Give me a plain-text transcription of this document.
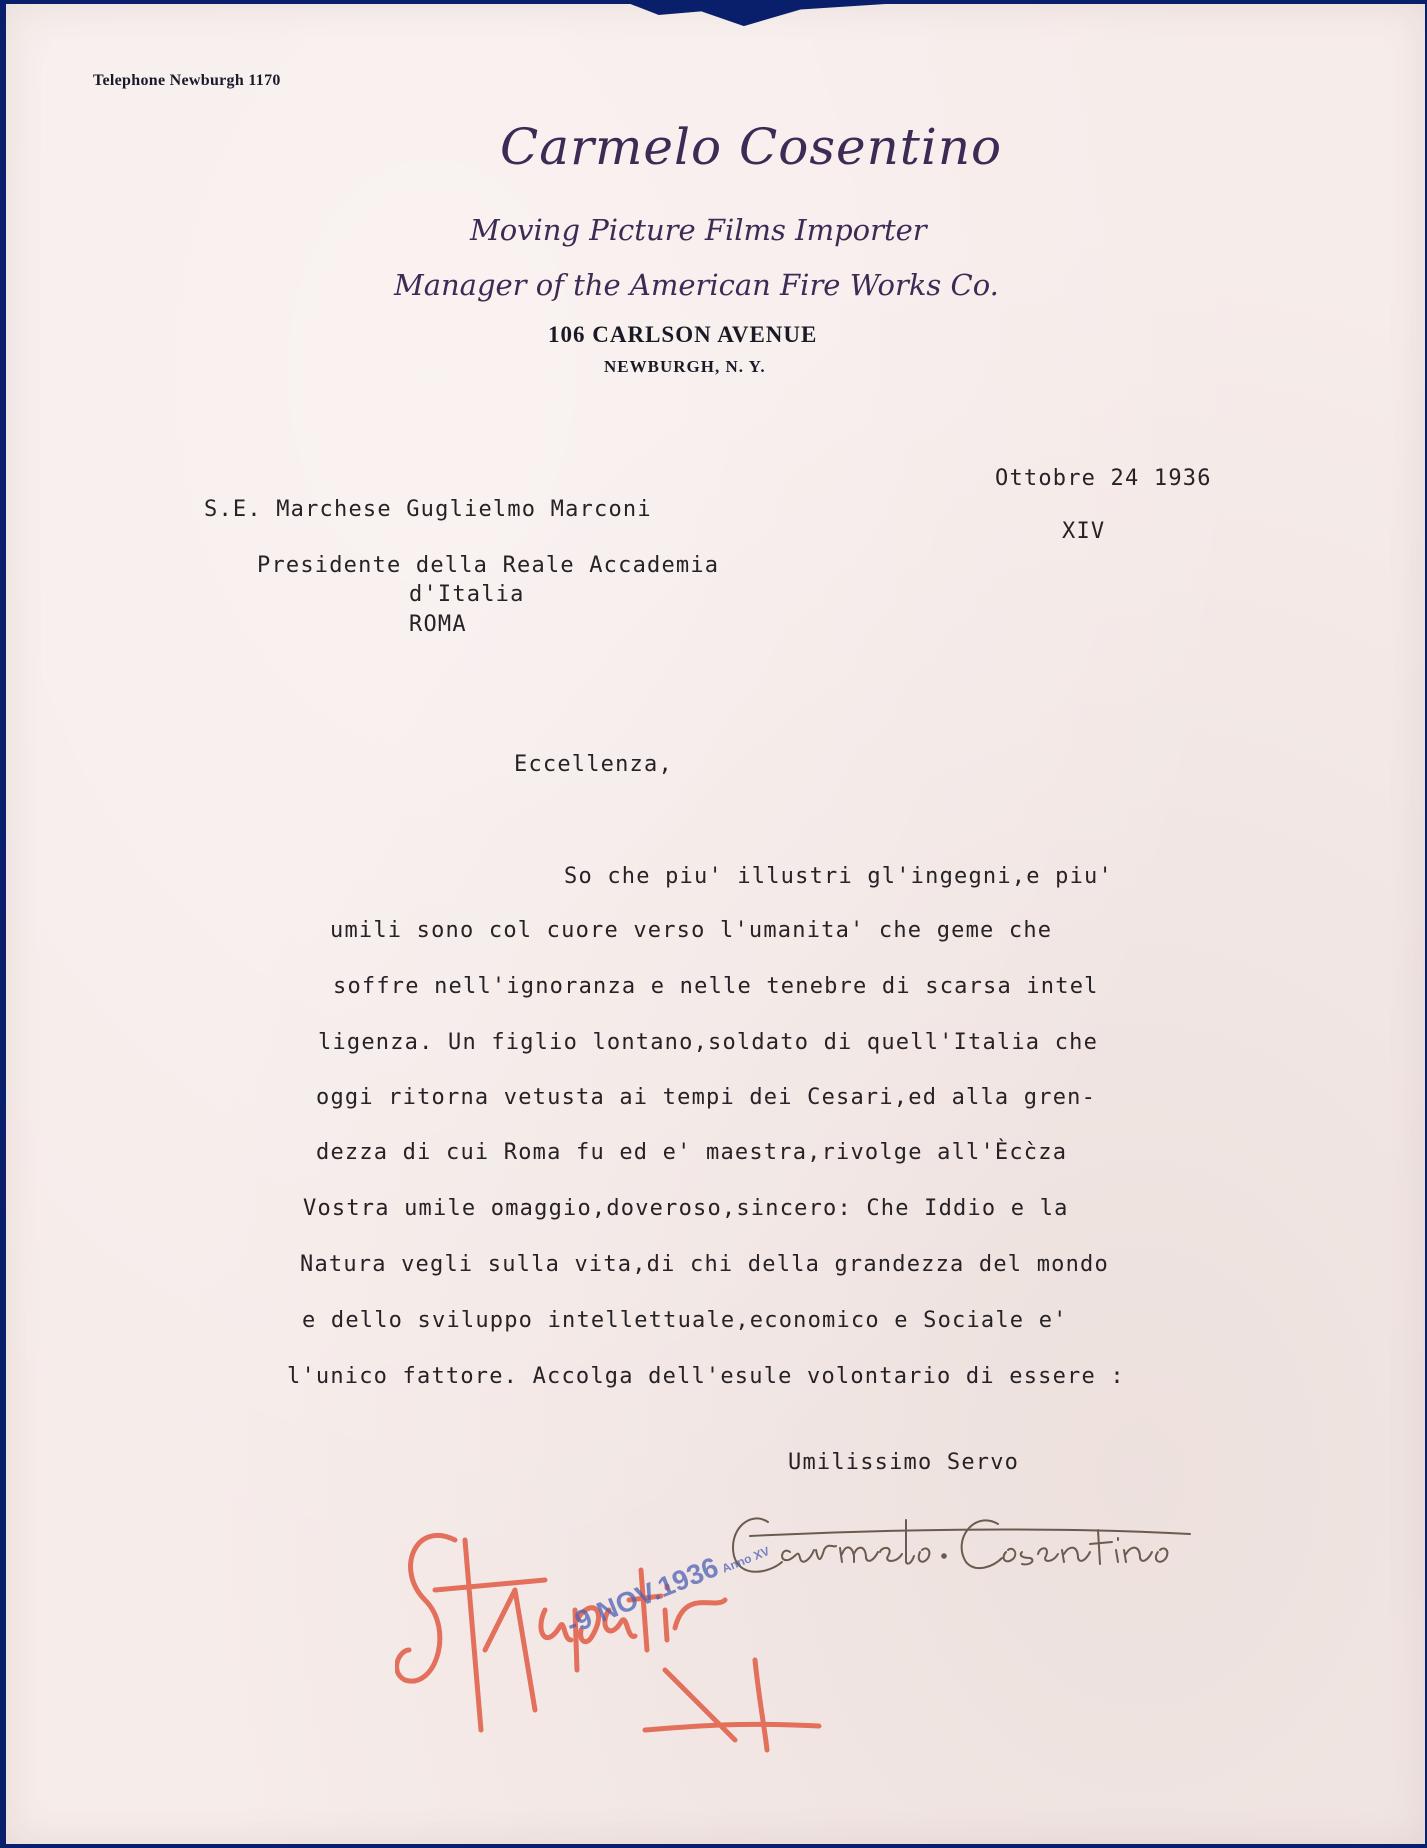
Telephone Newburgh 1170
Carmelo Cosentino
Moving Picture Films Importer
Manager of the American Fire Works Co.
106 CARLSON AVENUE
NEWBURGH, N. Y.
Ottobre 24 1936
XIV
S.E. Marchese Guglielmo Marconi
Presidente della Reale Accademia
d'Italia
ROMA
Eccellenza,
So che piu' illustri gl'ingegni,e piu'
umili sono col cuore verso l'umanita' che geme che
soffre nell'ignoranza e nelle tenebre di scarsa intel
ligenza. Un figlio lontano,soldato di quell'Italia che
oggi ritorna vetusta ai tempi dei Cesari,ed alla gren-
dezza di cui Roma fu ed e' maestra,rivolge all'Ècc̀za
Vostra umile omaggio,doveroso,sincero: Che Iddio e la
Natura vegli sulla vita,di chi della grandezza del mondo
e dello sviluppo intellettuale,economico e Sociale e'
l'unico fattore. Accolga dell'esule volontario di essere :
Umilissimo Servo
-9 NOV.1936Anno XV
